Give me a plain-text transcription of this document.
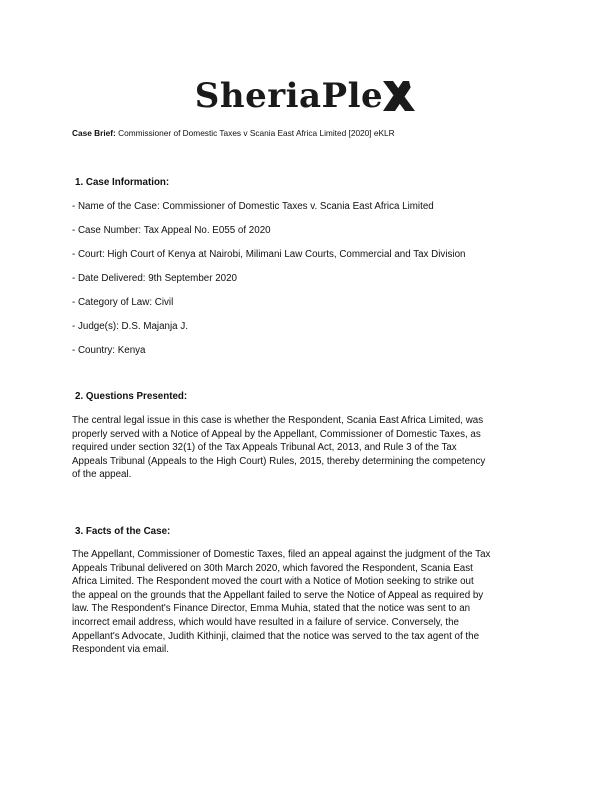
SheriaPle
Case Brief: Commissioner of Domestic Taxes v Scania East Africa Limited [2020] eKLR
1. Case Information:
- Name of the Case: Commissioner of Domestic Taxes v. Scania East Africa Limited
- Case Number: Tax Appeal No. E055 of 2020
- Court: High Court of Kenya at Nairobi, Milimani Law Courts, Commercial and Tax Division
- Date Delivered: 9th September 2020
- Category of Law: Civil
- Judge(s): D.S. Majanja J.
- Country: Kenya
2. Questions Presented:
The central legal issue in this case is whether the Respondent, Scania East Africa Limited, was
properly served with a Notice of Appeal by the Appellant, Commissioner of Domestic Taxes, as
required under section 32(1) of the Tax Appeals Tribunal Act, 2013, and Rule 3 of the Tax
Appeals Tribunal (Appeals to the High Court) Rules, 2015, thereby determining the competency
of the appeal.
3. Facts of the Case:
The Appellant, Commissioner of Domestic Taxes, filed an appeal against the judgment of the Tax
Appeals Tribunal delivered on 30th March 2020, which favored the Respondent, Scania East
Africa Limited. The Respondent moved the court with a Notice of Motion seeking to strike out
the appeal on the grounds that the Appellant failed to serve the Notice of Appeal as required by
law. The Respondent's Finance Director, Emma Muhia, stated that the notice was sent to an
incorrect email address, which would have resulted in a failure of service. Conversely, the
Appellant's Advocate, Judith Kithinji, claimed that the notice was served to the tax agent of the
Respondent via email.
